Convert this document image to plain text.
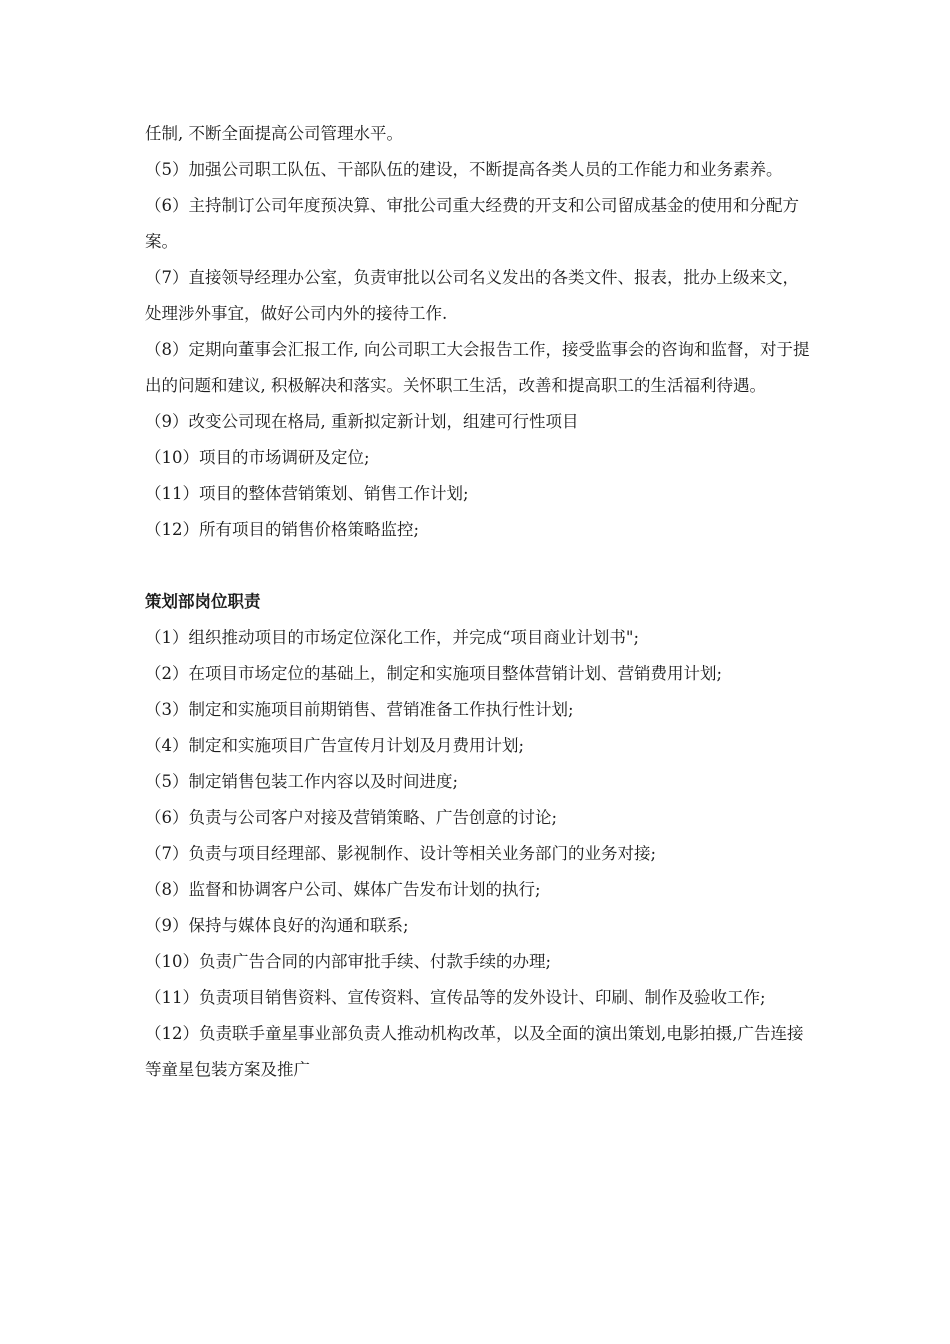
任制, 不断全面提高公司管理水平。

（5）加强公司职工队伍、干部队伍的建设，不断提高各类人员的工作能力和业务素养。

（6）主持制订公司年度预决算、审批公司重大经费的开支和公司留成基金的使用和分配方案。

（7）直接领导经理办公室，负责审批以公司名义发出的各类文件、报表，批办上级来文，处理涉外事宜，做好公司内外的接待工作.

（8）定期向董事会汇报工作, 向公司职工大会报告工作，接受监事会的咨询和监督，对于提出的问题和建议, 积极解决和落实。关怀职工生活，改善和提高职工的生活福利待遇。

（9）改变公司现在格局, 重新拟定新计划，组建可行性项目

（10）项目的市场调研及定位;

（11）项目的整体营销策划、销售工作计划;

（12）所有项目的销售价格策略监控;

策划部岗位职责

（1）组织推动项目的市场定位深化工作，并完成“项目商业计划书";

（2）在项目市场定位的基础上，制定和实施项目整体营销计划、营销费用计划;

（3）制定和实施项目前期销售、营销准备工作执行性计划;

（4）制定和实施项目广告宣传月计划及月费用计划;

（5）制定销售包装工作内容以及时间进度;

（6）负责与公司客户对接及营销策略、广告创意的讨论;

（7）负责与项目经理部、影视制作、设计等相关业务部门的业务对接;

（8）监督和协调客户公司、媒体广告发布计划的执行;

（9）保持与媒体良好的沟通和联系;

（10）负责广告合同的内部审批手续、付款手续的办理;

（11）负责项目销售资料、宣传资料、宣传品等的发外设计、印刷、制作及验收工作;

（12）负责联手童星事业部负责人推动机构改革，以及全面的演出策划,电影拍摄,广告连接等童星包装方案及推广
